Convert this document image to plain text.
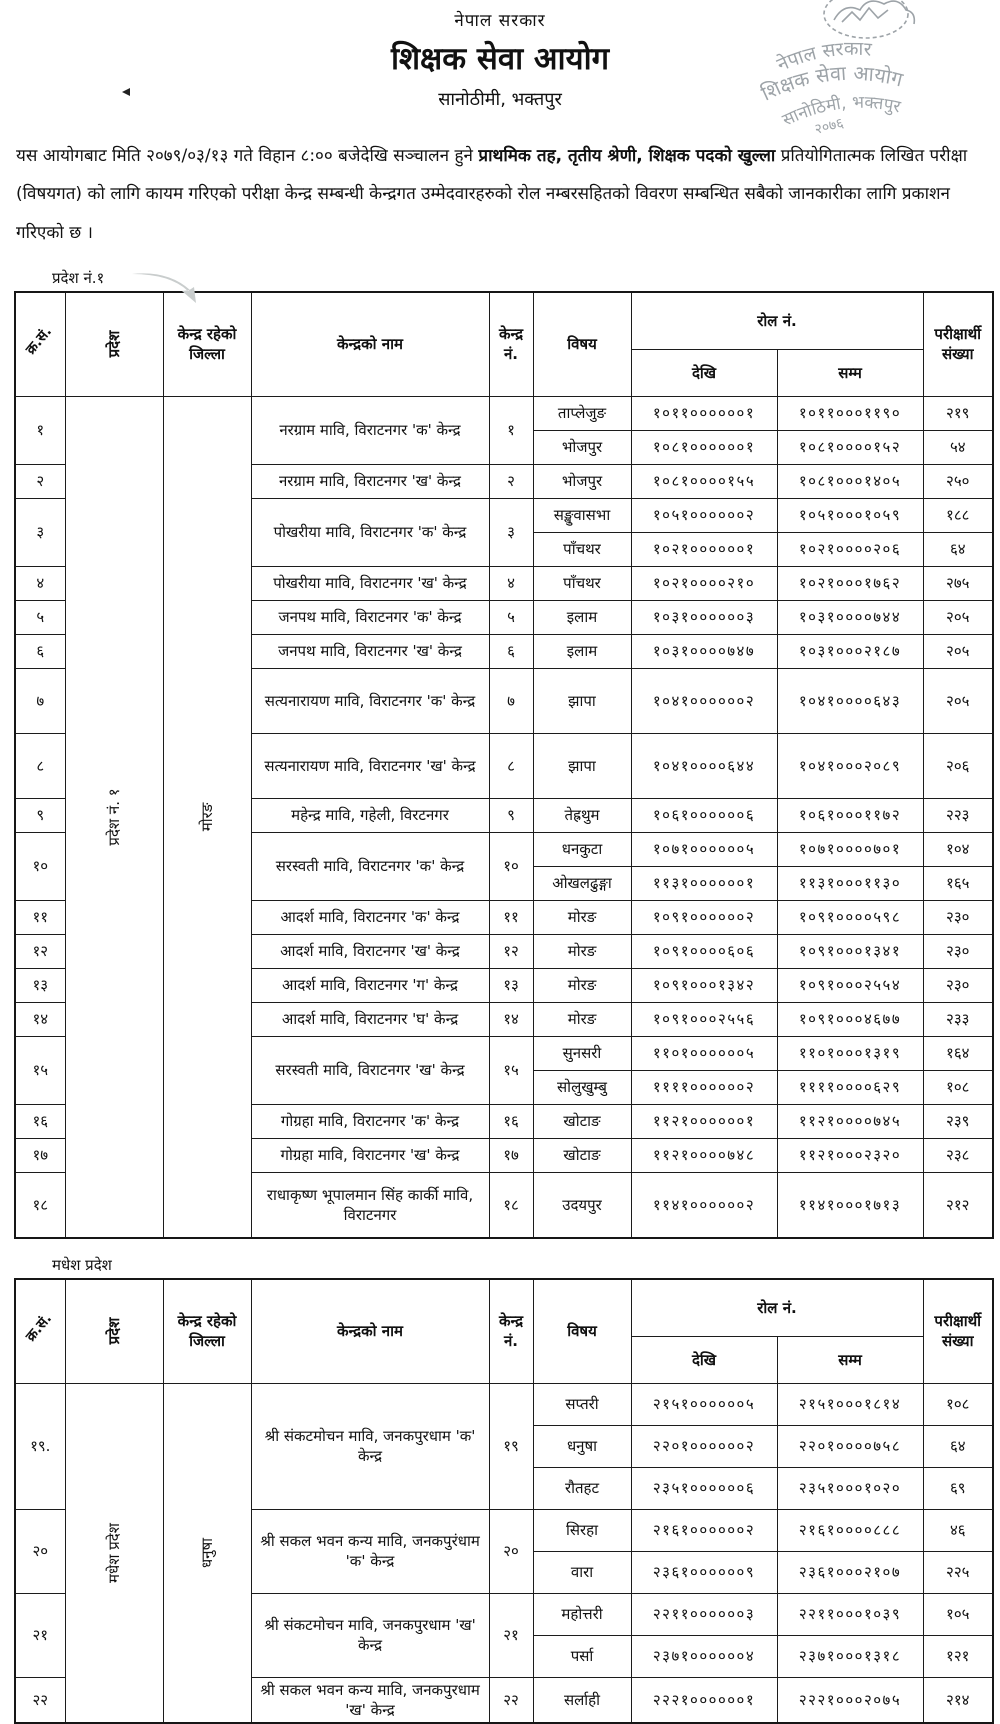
नेपाल सरकार
शिक्षक सेवा आयोग
सानोठीमी, भक्तपुर
नेपाल सरकार
शिक्षक सेवा आयोग
सानोठिमी, भक्तपुर
२०७६

यस आयोगबाट मिति २०७९/०३/१३ गते विहान ८:०० बजेदेखि सञ्चालन हुने प्राथमिक तह, तृतीय श्रेणी, शिक्षक पदको खुल्ला प्रतियोगितात्मक लिखित परीक्षा (विषयगत) को लागि कायम गरिएको परीक्षा केन्द्र सम्बन्धी केन्द्रगत उम्मेदवारहरुको रोल नम्बरसहितको विवरण सम्बन्धित सबैको जानकारीका लागि प्रकाशन गरिएको छ ।

प्रदेश नं.१
क्र.सं.	प्रदेश	केन्द्र रहेको जिल्ला	केन्द्रको नाम	केन्द्र नं.	विषय	रोल नं.		परीक्षार्थी संख्या
						देखि	सम्म	
१	प्रदेश नं. १	मोरङ	नरग्राम मावि, विराटनगर 'क' केन्द्र	१	ताप्लेजुङ	१०११००००००१	१०११०००११९०	२१९
					भोजपुर	१०८१००००००१	१०८१००००१५२	५४
२			नरग्राम मावि, विराटनगर 'ख' केन्द्र	२	भोजपुर	१०८१००००१५५	१०८१०००१४०५	२५०
३			पोखरीया मावि, विराटनगर 'क' केन्द्र	३	सङ्खुवासभा	१०५१००००००२	१०५१०००१०५९	१८८
					पाँचथर	१०२१००००००१	१०२१००००२०६	६४
४			पोखरीया मावि, विराटनगर 'ख' केन्द्र	४	पाँचथर	१०२१००००२१०	१०२१०००१७६२	२७५
५			जनपथ मावि, विराटनगर 'क' केन्द्र	५	इलाम	१०३१००००००३	१०३१००००७४४	२०५
६			जनपथ मावि, विराटनगर 'ख' केन्द्र	६	इलाम	१०३१००००७४७	१०३१०००२१८७	२०५
७			सत्यनारायण मावि, विराटनगर 'क' केन्द्र	७	झापा	१०४१००००००२	१०४१००००६४३	२०५
८			सत्यनारायण मावि, विराटनगर 'ख' केन्द्र	८	झापा	१०४१००००६४४	१०४१०००२०८९	२०६
९			महेन्द्र मावि, गहेली, विरटनगर	९	तेह्रथुम	१०६१००००००६	१०६१०००११७२	२२३
१०			सरस्वती मावि, विराटनगर 'क' केन्द्र	१०	धनकुटा	१०७१००००००५	१०७१००००७०१	१०४
					ओखलढुङ्गा	११३१००००००१	११३१०००११३०	१६५
११			आदर्श मावि, विराटनगर 'क' केन्द्र	११	मोरङ	१०९१००००००२	१०९१००००५९८	२३०
१२			आदर्श मावि, विराटनगर 'ख' केन्द्र	१२	मोरङ	१०९१००००६०६	१०९१०००१३४१	२३०
१३			आदर्श मावि, विराटनगर 'ग' केन्द्र	१३	मोरङ	१०९१०००१३४२	१०९१०००२५५४	२३०
१४			आदर्श मावि, विराटनगर 'घ' केन्द्र	१४	मोरङ	१०९१०००२५५६	१०९१०००४६७७	२३३
१५			सरस्वती मावि, विराटनगर 'ख' केन्द्र	१५	सुनसरी	११०१००००००५	११०१०००१३१९	१६४
					सोलुखुम्बु	११११००००००२	११११००००६२९	१०८
१६			गोग्रहा मावि, विराटनगर 'क' केन्द्र	१६	खोटाङ	११२१००००००१	११२१००००७४५	२३९
१७			गोग्रहा मावि, विराटनगर 'ख' केन्द्र	१७	खोटाङ	११२१००००७४८	११२१०००२३२०	२३८
१८			राधाकृष्ण भूपालमान सिंह कार्की मावि, विराटनगर	१८	उदयपुर	११४१००००००२	११४१०००१७१३	२१२
मधेश प्रदेश
क्र.सं.	प्रदेश	केन्द्र रहेको जिल्ला	केन्द्रको नाम	केन्द्र नं.	विषय	रोल नं.		परीक्षार्थी संख्या
						देखि	सम्म	
१९.	मधेश प्रदेश	धनुषा	श्री संकटमोचन मावि, जनकपुरधाम 'क' केन्द्र	१९	सप्तरी	२१५१००००००५	२१५१०००१८१४	१०८
					धनुषा	२२०१००००००२	२२०१००००७५८	६४
					रौतहट	२३५१००००००६	२३५१०००१०२०	६९
२०			श्री सकल भवन कन्य मावि, जनकपुरंधाम 'क' केन्द्र	२०	सिरहा	२१६१००००००२	२१६१००००८८८	४६
					वारा	२३६१००००००९	२३६१०००२१०७	२२५
२१			श्री संकटमोचन मावि, जनकपुरधाम 'ख' केन्द्र	२१	महोत्तरी	२२११००००००३	२२११०००१०३९	१०५
					पर्सा	२३७१००००००४	२३७१०००१३१८	१२१
२२			श्री सकल भवन कन्य मावि, जनकपुरधाम 'ख' केन्द्र	२२	सर्लाही	२२२१००००००१	२२२१०००२०७५	२१४
